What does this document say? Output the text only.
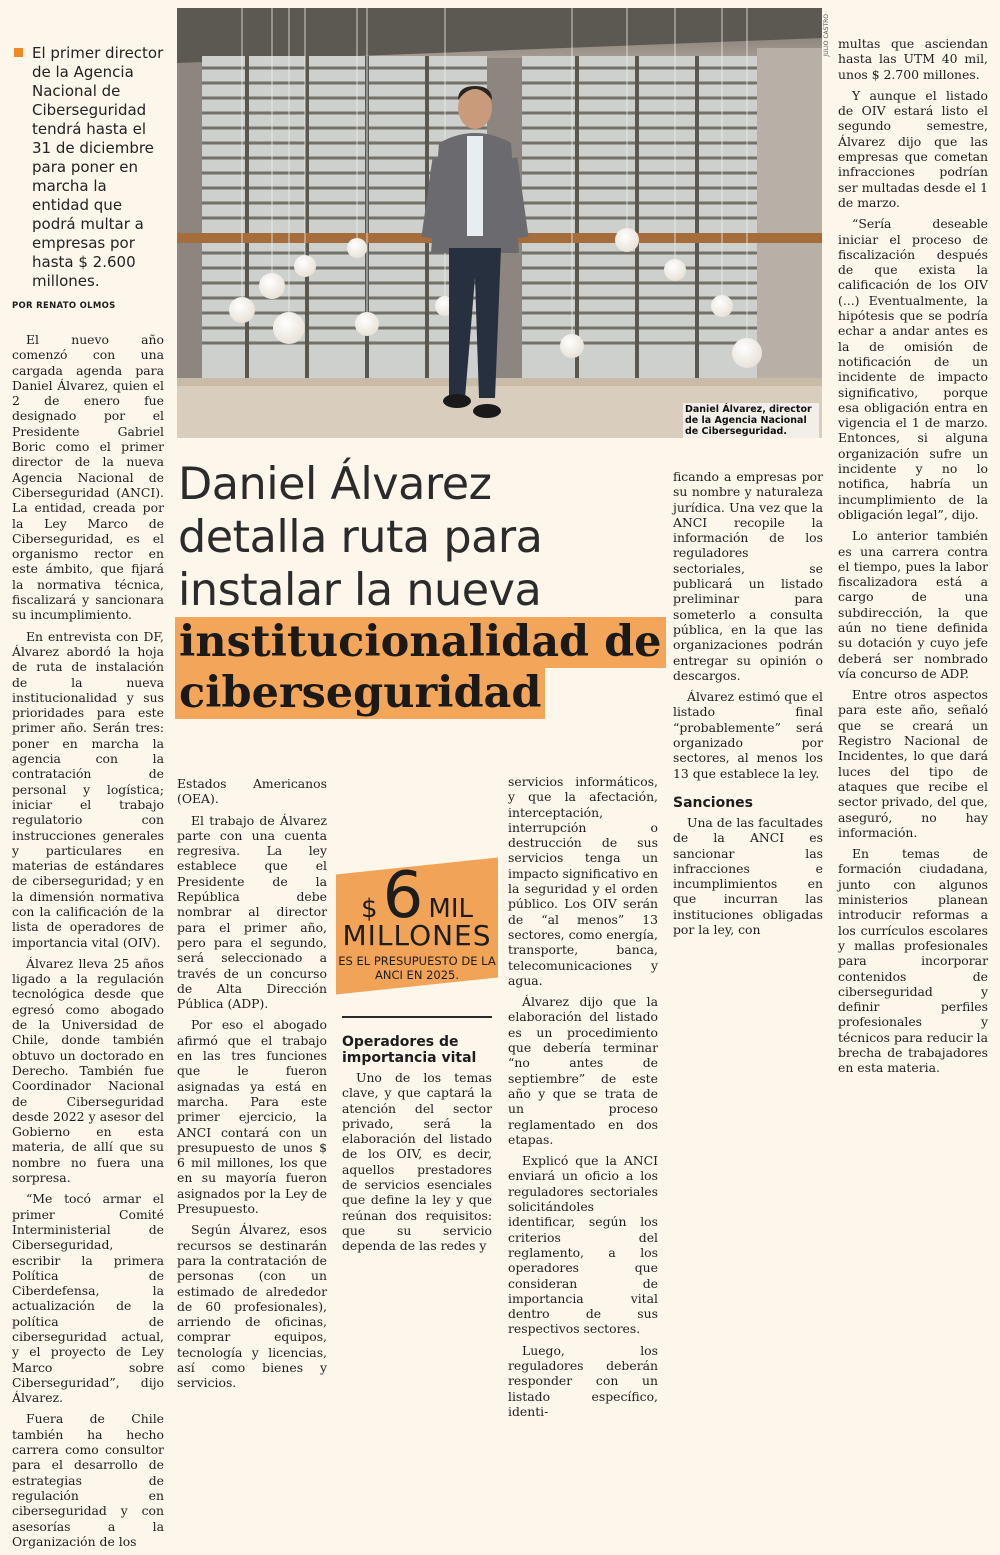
El primer director de la Agencia Nacional de Ciberseguridad tendrá hasta el 31 de diciembre para poner en marcha la entidad que podrá multar a empresas por hasta $ 2.600 millones.
POR RENATO OLMOS
JULIO CASTRO
Daniel Álvarez, director de la Agencia Nacional de Ciberseguridad.
Daniel Álvarez
detalla ruta para
instalar la nueva
institucionalidad de
ciberseguridad

El nuevo año comenzó con una cargada agenda para Daniel Álvarez, quien el 2 de enero fue designado por el Presidente Gabriel Boric como el primer director de la nueva Agencia Nacional de Ciberseguridad (ANCI). La entidad, creada por la Ley Marco de Ciberseguridad, es el organismo rector en este ámbito, que fijará la normativa técnica, fiscalizará y sancionara su incumplimiento.

En entrevista con DF, Álvarez abordó la hoja de ruta de instalación de la nueva institucionalidad y sus prioridades para este primer año. Serán tres: poner en marcha la agencia con la contratación de personal y logística; iniciar el trabajo regulatorio con instrucciones generales y particulares en materias de estándares de ciberseguridad; y en la dimensión normativa con la calificación de la lista de operadores de importancia vital (OIV).

Álvarez lleva 25 años ligado a la regulación tecnológica desde que egresó como abogado de la Universidad de Chile, donde también obtuvo un doctorado en Derecho. También fue Coordinador Nacional de Ciberseguridad desde 2022 y asesor del Gobierno en esta materia, de allí que su nombre no fuera una sorpresa.

“Me tocó armar el primer Comité Interministerial de Ciberseguridad, escribir la primera Política de Ciberdefensa, la actualización de la política de ciberseguridad actual, y el proyecto de Ley Marco sobre Ciberseguridad”, dijo Álvarez.

Fuera de Chile también ha hecho carrera como consultor para el desarrollo de estrategias de regulación en ciberseguridad y con asesorías a la Organización de los

Estados Americanos (OEA).

El trabajo de Álvarez parte con una cuenta regresiva. La ley establece que el Presidente de la República debe nombrar al director para el primer año, pero para el segundo, será seleccionado a través de un concurso de Alta Dirección Pública (ADP).

Por eso el abogado afirmó que el trabajo en las tres funciones que le fueron asignadas ya está en marcha. Para este primer ejercicio, la ANCI contará con un presupuesto de unos $ 6 mil millones, los que en su mayoría fueron asignados por la Ley de Presupuesto.

Según Álvarez, esos recursos se destinarán para la contratación de personas (con un estimado de alrededor de 60 profesionales), arriendo de oficinas, comprar equipos, tecnología y licencias, así como bienes y servicios.

$ 6 MIL
MILLONES
ES EL PRESUPUESTO DE LA ANCI EN 2025.
Operadores de importancia vital

Uno de los temas clave, y que captará la atención del sector privado, será la elaboración del listado de los OIV, es decir, aquellos prestadores de servicios esenciales que define la ley y que reúnan dos requisitos: que su servicio dependa de las redes y

servicios informáticos, y que la afectación, interceptación, interrupción o destrucción de sus servicios tenga un impacto significativo en la seguridad y el orden público. Los OIV serán de “al menos” 13 sectores, como energía, transporte, banca, telecomunicaciones y agua.

Álvarez dijo que la elaboración del listado es un procedimiento que debería terminar “no antes de septiembre” de este año y que se trata de un proceso reglamentado en dos etapas.

Explicó que la ANCI enviará un oficio a los reguladores sectoriales solicitándoles identificar, según los criterios del reglamento, a los operadores que consideran de importancia vital dentro de sus respectivos sectores.

Luego, los reguladores deberán responder con un listado específico, identi-

ficando a empresas por su nombre y naturaleza jurídica. Una vez que la ANCI recopile la información de los reguladores sectoriales, se publicará un listado preliminar para someterlo a consulta pública, en la que las organizaciones podrán entregar su opinión o descargos.

Álvarez estimó que el listado final “probablemente” será organizado por sectores, al menos los 13 que establece la ley.

Sanciones

Una de las facultades de la ANCI es sancionar las infracciones e incumplimientos en que incurran las instituciones obligadas por la ley, con

multas que asciendan hasta las UTM 40 mil, unos $ 2.700 millones.

Y aunque el listado de OIV estará listo el segundo semestre, Álvarez dijo que las empresas que cometan infracciones podrían ser multadas desde el 1 de marzo.

“Sería deseable iniciar el proceso de fiscalización después de que exista la calificación de los OIV (...) Eventualmente, la hipótesis que se podría echar a andar antes es la de omisión de notificación de un incidente de impacto significativo, porque esa obligación entra en vigencia el 1 de marzo. Entonces, si alguna organización sufre un incidente y no lo notifica, habría un incumplimiento de la obligación legal”, dijo.

Lo anterior también es una carrera contra el tiempo, pues la labor fiscalizadora está a cargo de una subdirección, la que aún no tiene definida su dotación y cuyo jefe deberá ser nombrado vía concurso de ADP.

Entre otros aspectos para este año, señaló que se creará un Registro Nacional de Incidentes, lo que dará luces del tipo de ataques que recibe el sector privado, del que, aseguró, no hay información.

En temas de formación ciudadana, junto con algunos ministerios planean introducir reformas a los currículos escolares y mallas profesionales para incorporar contenidos de ciberseguridad y definir perfiles profesionales y técnicos para reducir la brecha de trabajadores en esta materia.
